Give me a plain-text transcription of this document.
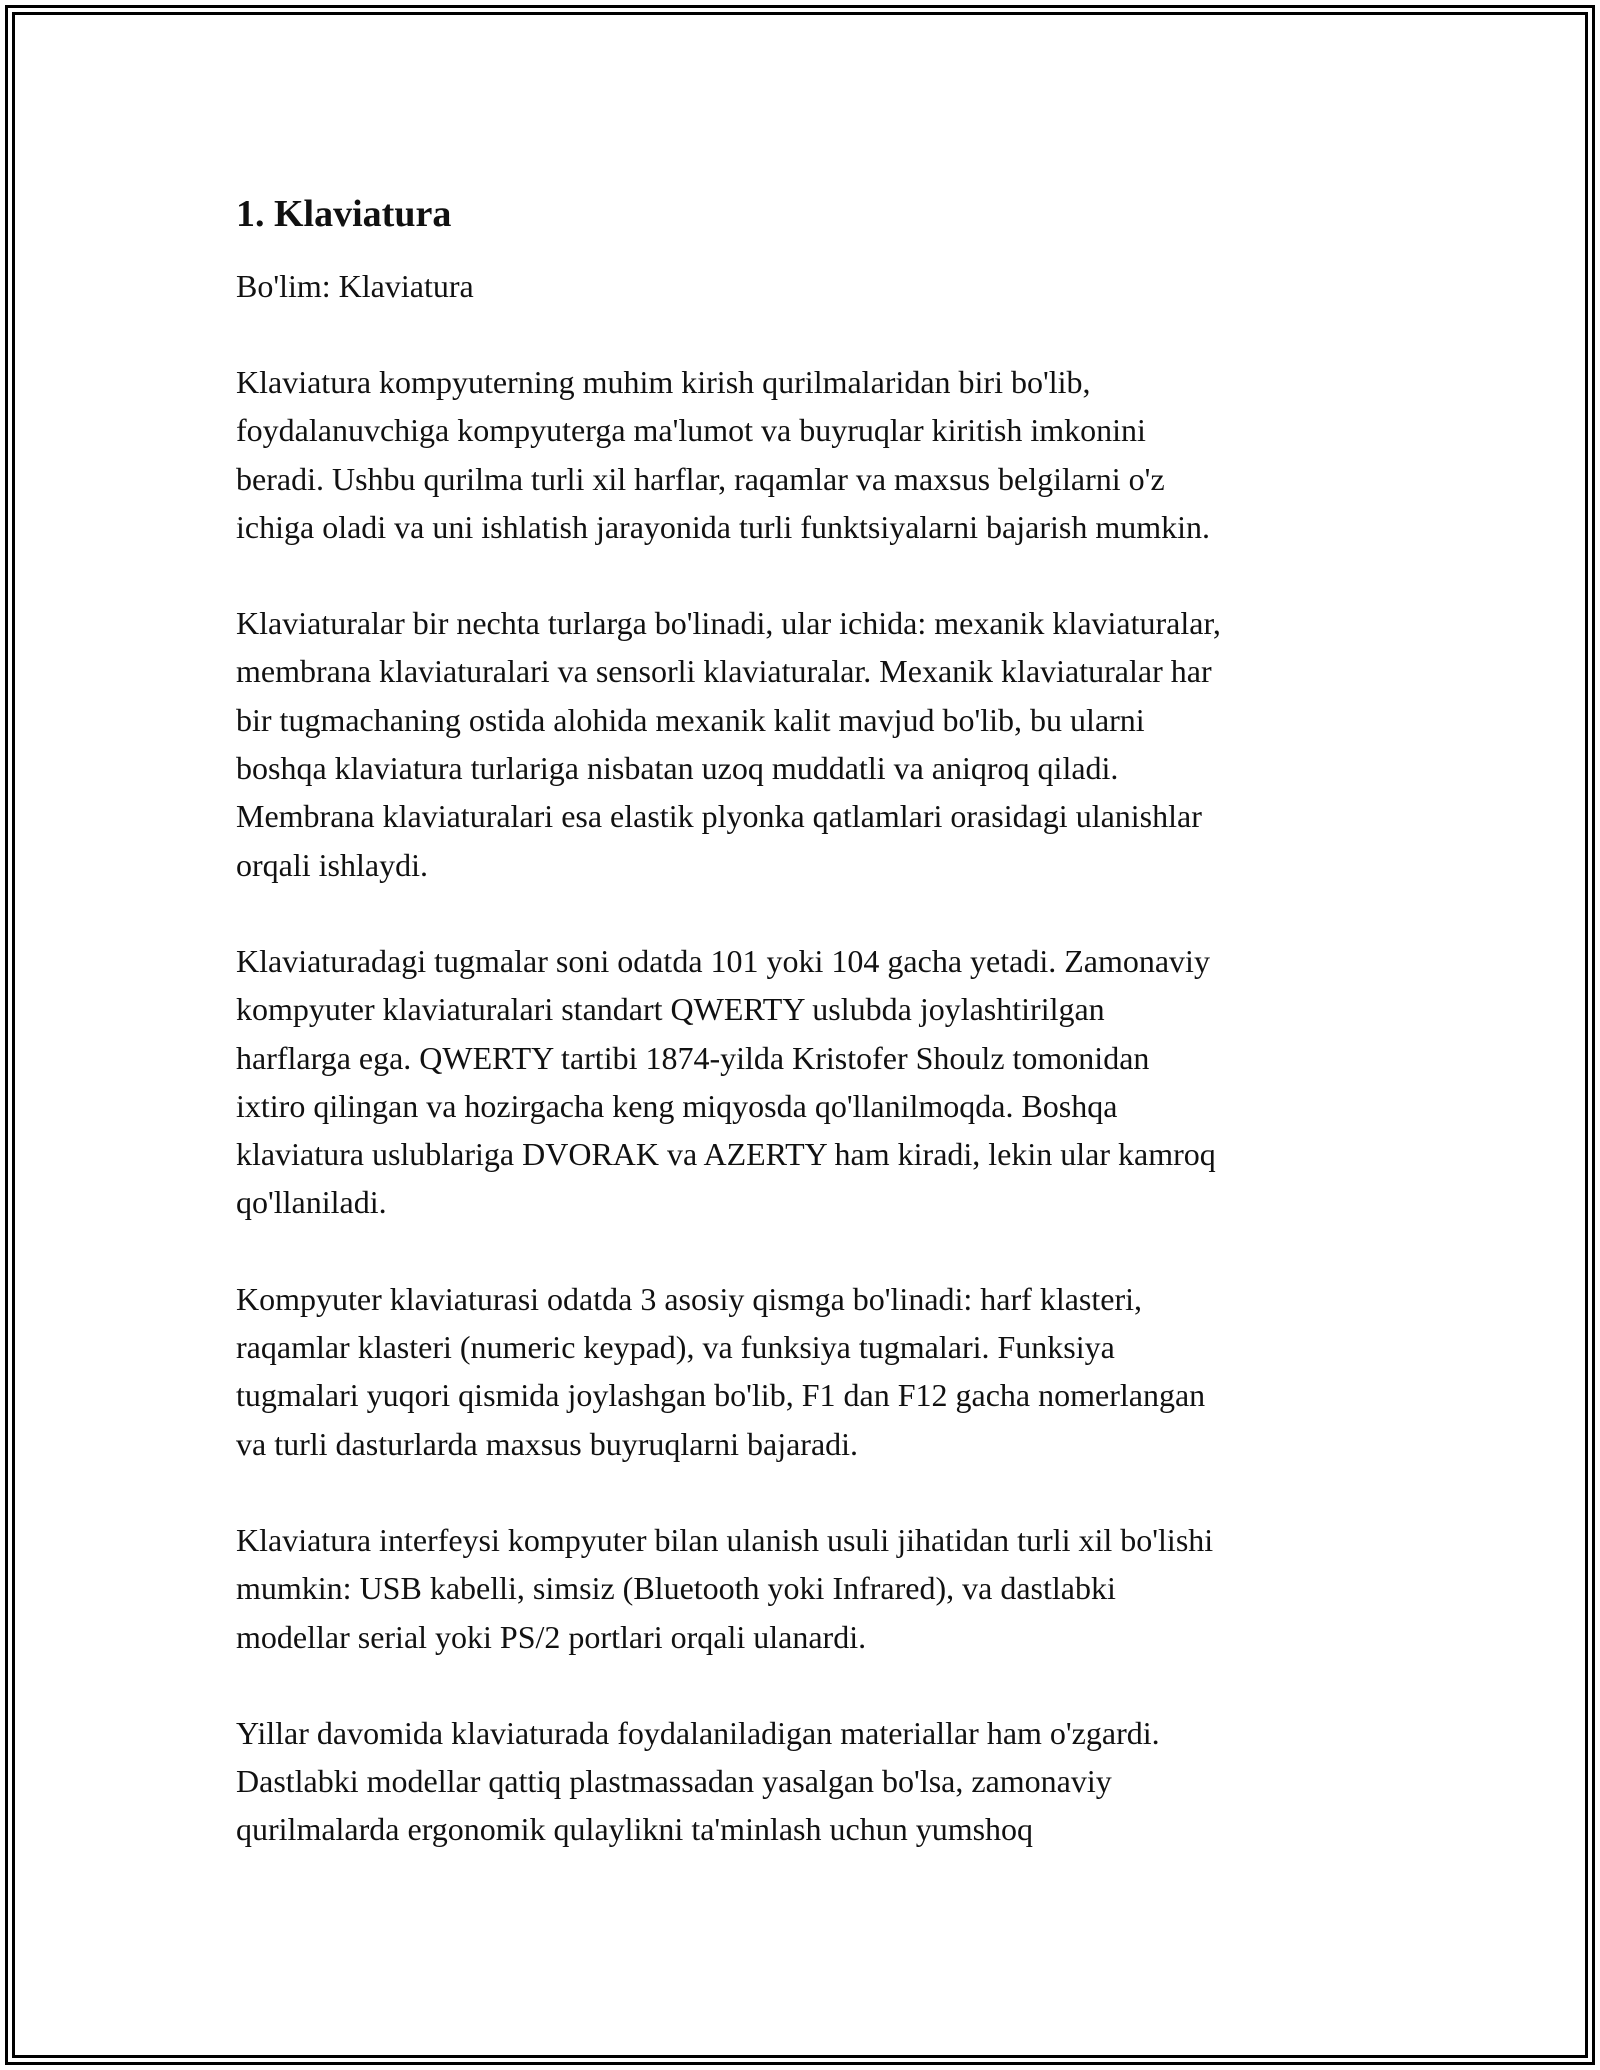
1. Klaviatura
Bo'lim: Klaviatura

Klaviatura kompyuterning muhim kirish qurilmalaridan biri bo'lib,
foydalanuvchiga kompyuterga ma'lumot va buyruqlar kiritish imkonini
beradi. Ushbu qurilma turli xil harflar, raqamlar va maxsus belgilarni o'z
ichiga oladi va uni ishlatish jarayonida turli funktsiyalarni bajarish mumkin.

Klaviaturalar bir nechta turlarga bo'linadi, ular ichida: mexanik klaviaturalar,
membrana klaviaturalari va sensorli klaviaturalar. Mexanik klaviaturalar har
bir tugmachaning ostida alohida mexanik kalit mavjud bo'lib, bu ularni
boshqa klaviatura turlariga nisbatan uzoq muddatli va aniqroq qiladi.
Membrana klaviaturalari esa elastik plyonka qatlamlari orasidagi ulanishlar
orqali ishlaydi.

Klaviaturadagi tugmalar soni odatda 101 yoki 104 gacha yetadi. Zamonaviy
kompyuter klaviaturalari standart QWERTY uslubda joylashtirilgan
harflarga ega. QWERTY tartibi 1874-yilda Kristofer Shoulz tomonidan
ixtiro qilingan va hozirgacha keng miqyosda qo'llanilmoqda. Boshqa
klaviatura uslublariga DVORAK va AZERTY ham kiradi, lekin ular kamroq
qo'llaniladi.

Kompyuter klaviaturasi odatda 3 asosiy qismga bo'linadi: harf klasteri,
raqamlar klasteri (numeric keypad), va funksiya tugmalari. Funksiya
tugmalari yuqori qismida joylashgan bo'lib, F1 dan F12 gacha nomerlangan
va turli dasturlarda maxsus buyruqlarni bajaradi.

Klaviatura interfeysi kompyuter bilan ulanish usuli jihatidan turli xil bo'lishi
mumkin: USB kabelli, simsiz (Bluetooth yoki Infrared), va dastlabki
modellar serial yoki PS/2 portlari orqali ulanardi.

Yillar davomida klaviaturada foydalaniladigan materiallar ham o'zgardi.
Dastlabki modellar qattiq plastmassadan yasalgan bo'lsa, zamonaviy
qurilmalarda ergonomik qulaylikni ta'minlash uchun yumshoq
